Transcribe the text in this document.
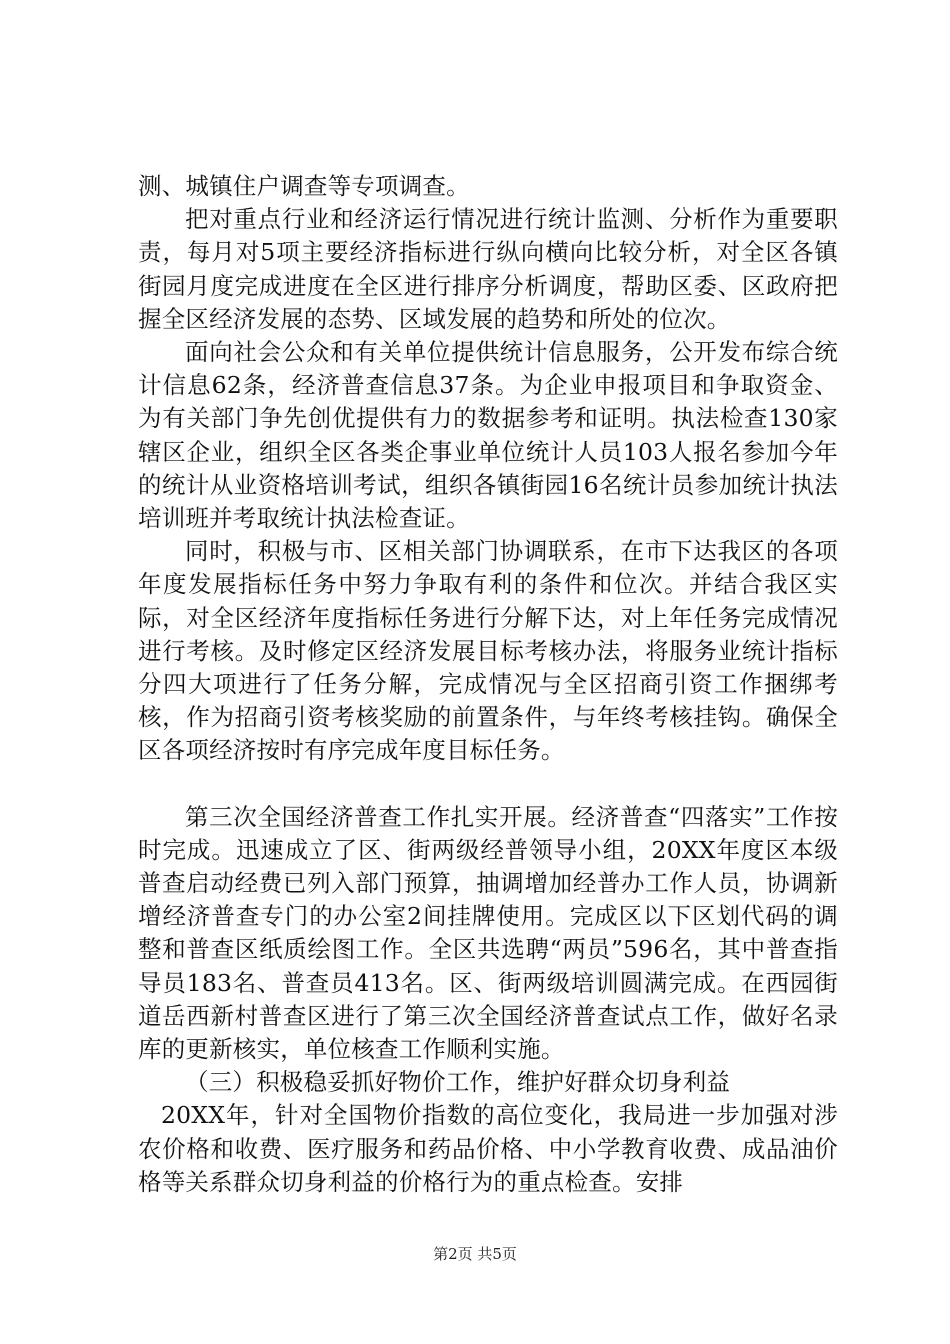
测、城镇住户调查等专项调查。

把对重点行业和经济运行情况进行统计监测、分析作为重要职责，每月对5项主要经济指标进行纵向横向比较分析，对全区各镇街园月度完成进度在全区进行排序分析调度，帮助区委、区政府把握全区经济发展的态势、区域发展的趋势和所处的位次。

面向社会公众和有关单位提供统计信息服务，公开发布综合统计信息62条，经济普查信息37条。为企业申报项目和争取资金、为有关部门争先创优提供有力的数据参考和证明。执法检查130家辖区企业，组织全区各类企事业单位统计人员103人报名参加今年的统计从业资格培训考试，组织各镇街园16名统计员参加统计执法培训班并考取统计执法检查证。

同时，积极与市、区相关部门协调联系，在市下达我区的各项年度发展指标任务中努力争取有利的条件和位次。并结合我区实际，对全区经济年度指标任务进行分解下达，对上年任务完成情况进行考核。及时修定区经济发展目标考核办法，将服务业统计指标分四大项进行了任务分解，完成情况与全区招商引资工作捆绑考核，作为招商引资考核奖励的前置条件，与年终考核挂钩。确保全区各项经济按时有序完成年度目标任务。

第三次全国经济普查工作扎实开展。经济普查“四落实”工作按时完成。迅速成立了区、街两级经普领导小组，20XX年度区本级普查启动经费已列入部门预算，抽调增加经普办工作人员，协调新增经济普查专门的办公室2间挂牌使用。完成区以下区划代码的调整和普查区纸质绘图工作。全区共选聘“两员”596名，其中普查指导员183名、普查员413名。区、街两级培训圆满完成。在西园街道岳西新村普查区进行了第三次全国经济普查试点工作，做好名录库的更新核实，单位核查工作顺利实施。

（三）积极稳妥抓好物价工作，维护好群众切身利益

20XX年，针对全国物价指数的高位变化，我局进一步加强对涉农价格和收费、医疗服务和药品价格、中小学教育收费、成品油价格等关系群众切身利益的价格行为的重点检查。安排

第2页 共5页
